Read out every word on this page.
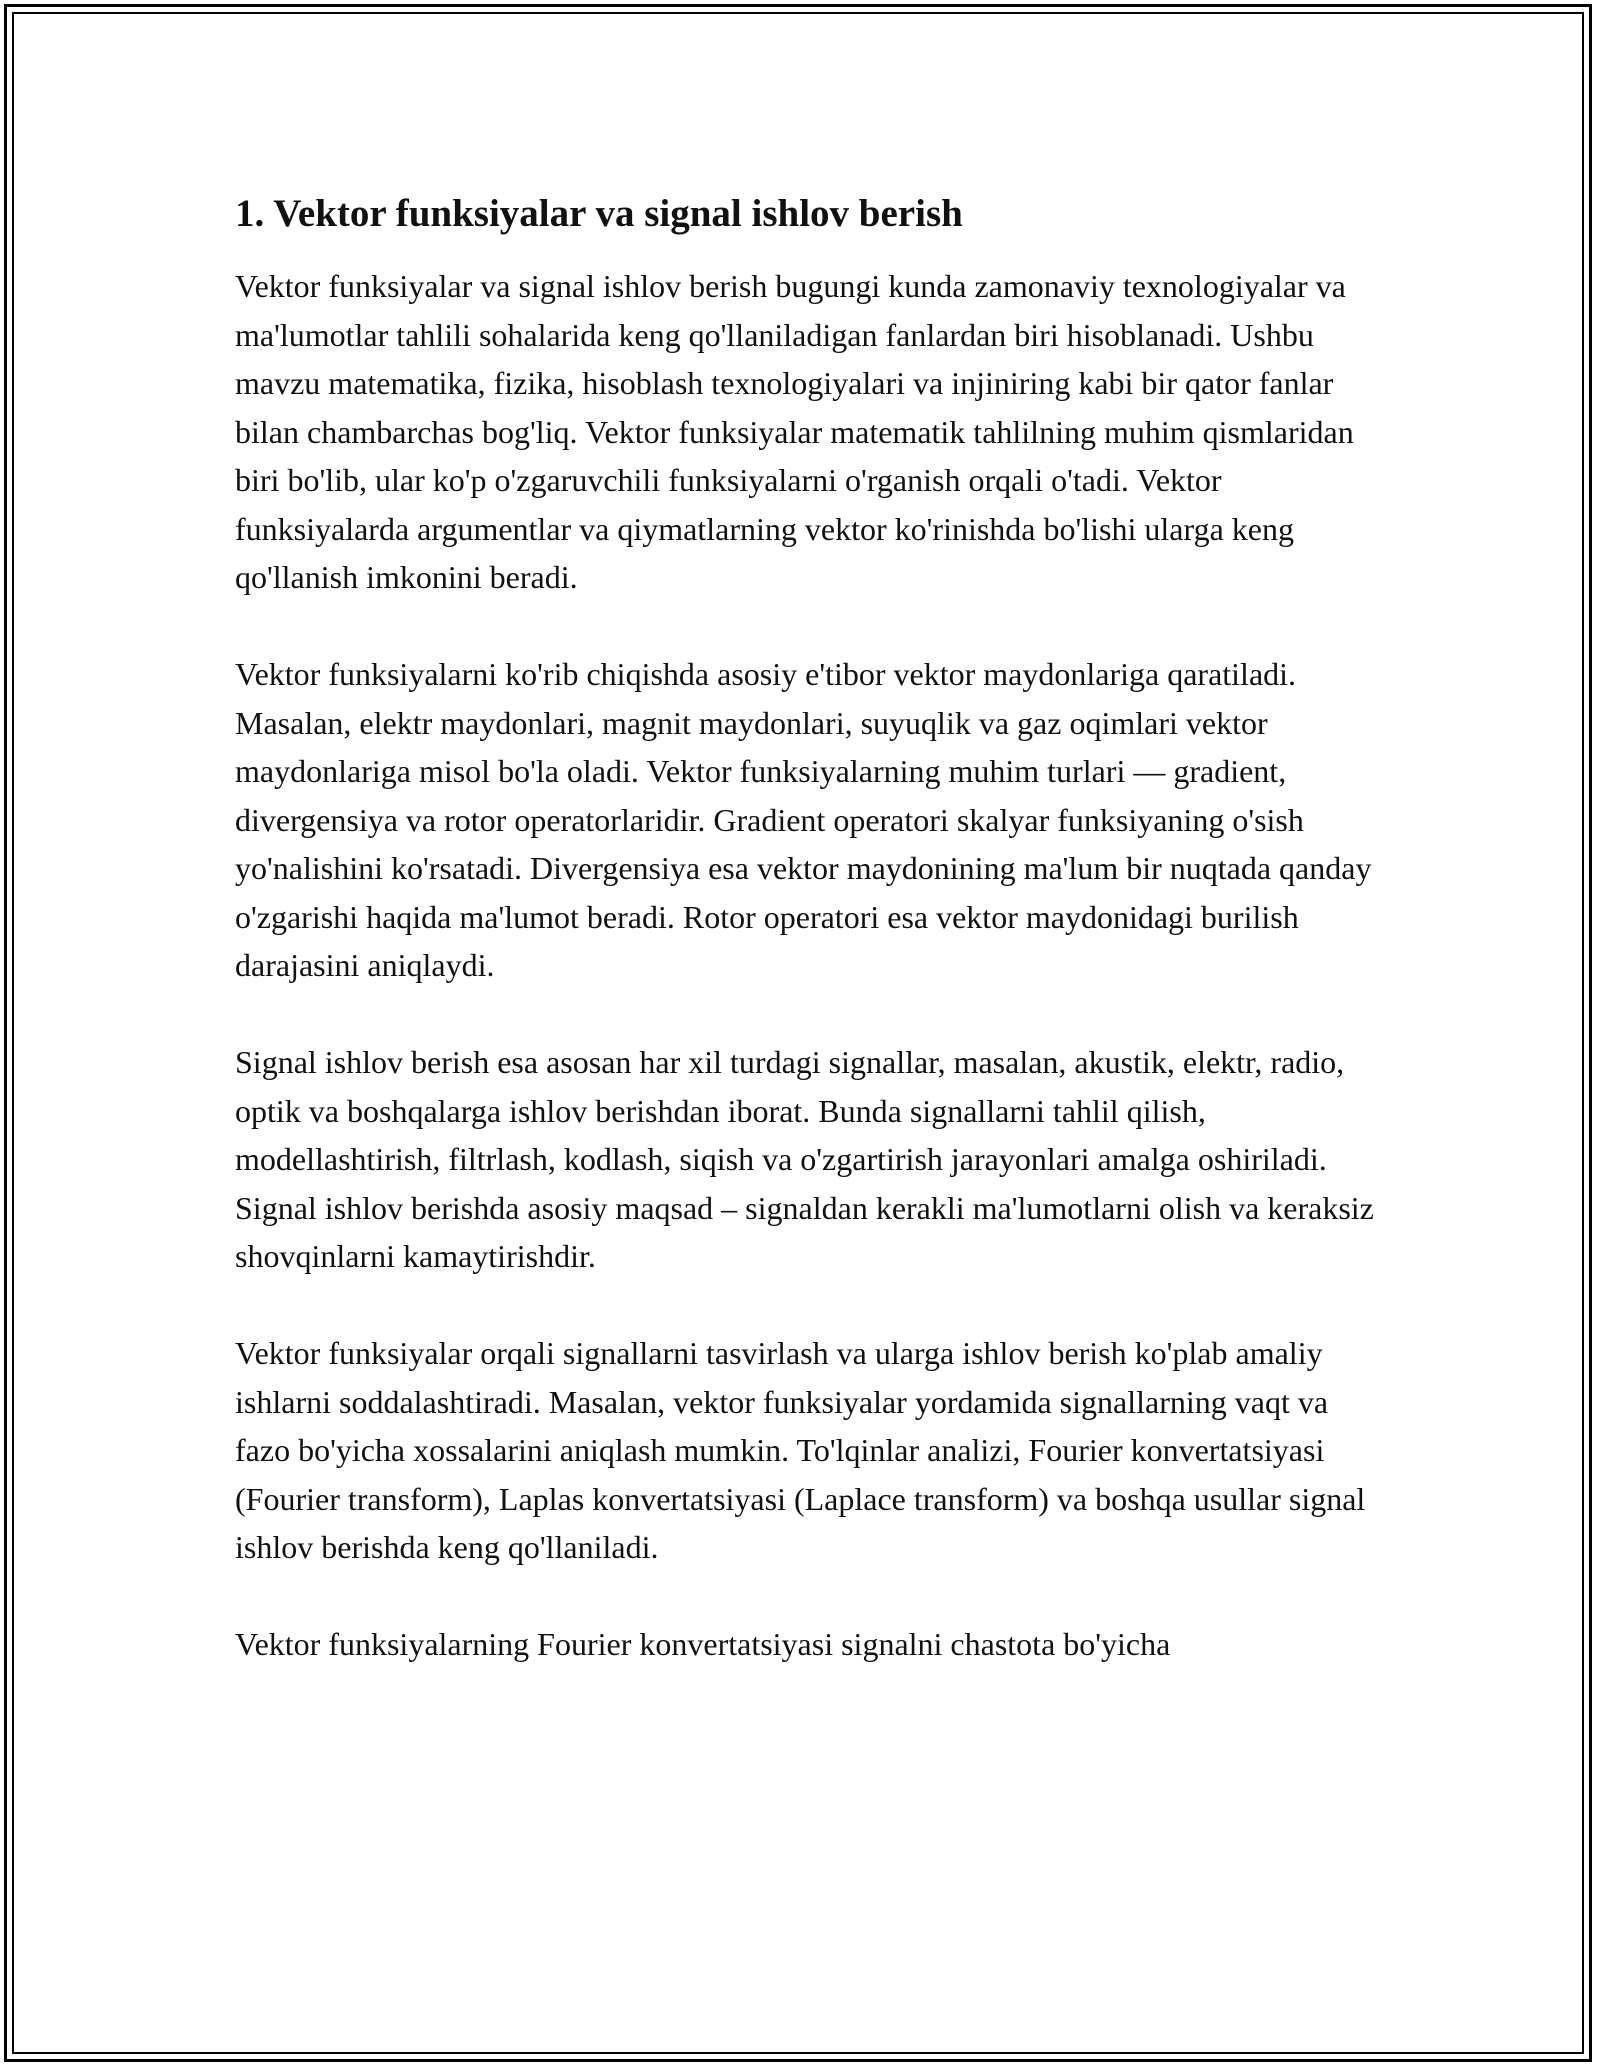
1. Vektor funksiyalar va signal ishlov berish

Vektor funksiyalar va signal ishlov berish bugungi kunda zamonaviy texnologiyalar va ma'lumotlar tahlili sohalarida keng qo'llaniladigan fanlardan biri hisoblanadi. Ushbu mavzu matematika, fizika, hisoblash texnologiyalari va injiniring kabi bir qator fanlar bilan chambarchas bog'liq. Vektor funksiyalar matematik tahlilning muhim qismlaridan biri bo'lib, ular ko'p o'zgaruvchili funksiyalarni o'rganish orqali o'tadi. Vektor funksiyalarda argumentlar va qiymatlarning vektor ko'rinishda bo'lishi ularga keng qo'llanish imkonini beradi.

Vektor funksiyalarni ko'rib chiqishda asosiy e'tibor vektor maydonlariga qaratiladi. Masalan, elektr maydonlari, magnit maydonlari, suyuqlik va gaz oqimlari vektor maydonlariga misol bo'la oladi. Vektor funksiyalarning muhim turlari — gradient, divergensiya va rotor operatorlaridir. Gradient operatori skalyar funksiyaning o'sish yo'nalishini ko'rsatadi. Divergensiya esa vektor maydonining ma'lum bir nuqtada qanday o'zgarishi haqida ma'lumot beradi. Rotor operatori esa vektor maydonidagi burilish darajasini aniqlaydi.

Signal ishlov berish esa asosan har xil turdagi signallar, masalan, akustik, elektr, radio, optik va boshqalarga ishlov berishdan iborat. Bunda signallarni tahlil qilish, modellashtirish, filtrlash, kodlash, siqish va o'zgartirish jarayonlari amalga oshiriladi. Signal ishlov berishda asosiy maqsad – signaldan kerakli ma'lumotlarni olish va keraksiz shovqinlarni kamaytirishdir.

Vektor funksiyalar orqali signallarni tasvirlash va ularga ishlov berish ko'plab amaliy ishlarni soddalashtiradi. Masalan, vektor funksiyalar yordamida signallarning vaqt va fazo bo'yicha xossalarini aniqlash mumkin. To'lqinlar analizi, Fourier konvertatsiyasi (Fourier transform), Laplas konvertatsiyasi (Laplace transform) va boshqa usullar signal ishlov berishda keng qo'llaniladi.

Vektor funksiyalarning Fourier konvertatsiyasi signalni chastota bo'yicha
